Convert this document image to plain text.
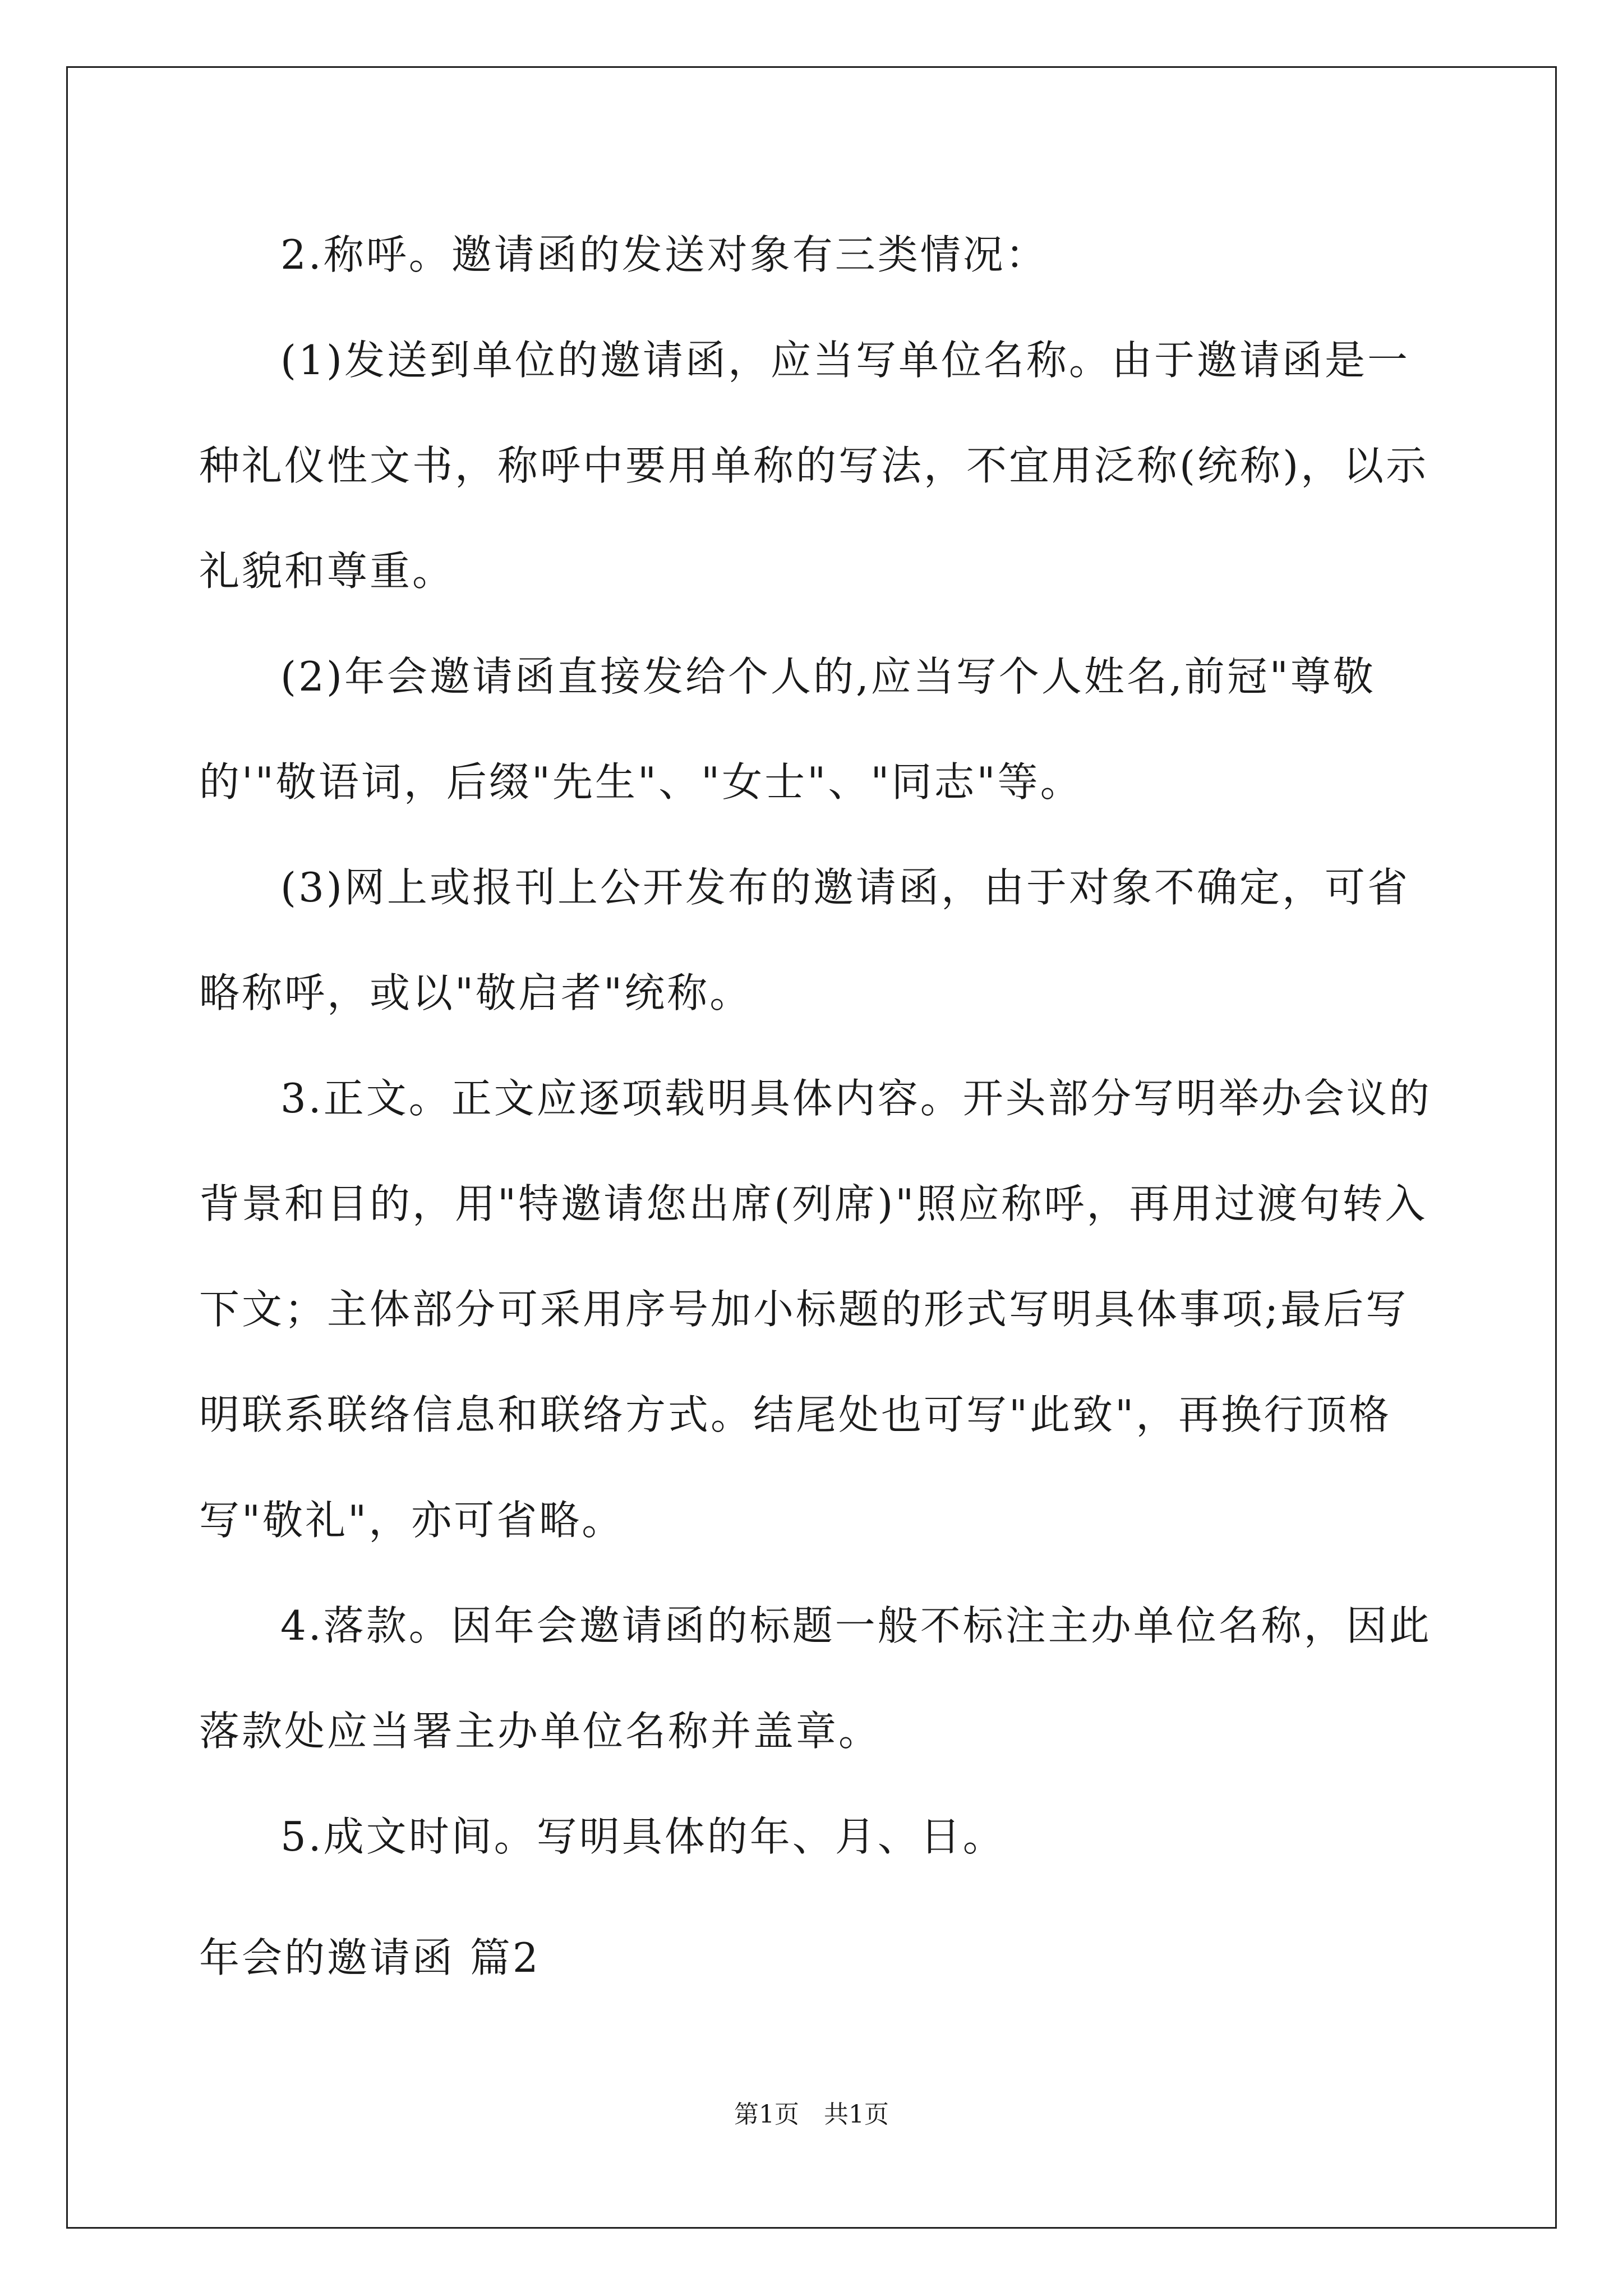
2.称呼。邀请函的发送对象有三类情况：

(1)发送到单位的邀请函，应当写单位名称。由于邀请函是一种礼仪性文书，称呼中要用单称的写法，不宜用泛称(统称)，以示礼貌和尊重。

(2)年会邀请函直接发给个人的,应当写个人姓名,前冠"尊敬的'"敬语词，后缀"先生"、"女士"、"同志"等。

(3)网上或报刊上公开发布的邀请函，由于对象不确定，可省略称呼，或以"敬启者"统称。

3.正文。正文应逐项载明具体内容。开头部分写明举办会议的背景和目的，用"特邀请您出席(列席)"照应称呼，再用过渡句转入下文；主体部分可采用序号加小标题的形式写明具体事项;最后写明联系联络信息和联络方式。结尾处也可写"此致"，再换行顶格写"敬礼"，亦可省略。

4.落款。因年会邀请函的标题一般不标注主办单位名称，因此落款处应当署主办单位名称并盖章。

5.成文时间。写明具体的年、月、日。

年会的邀请函 篇2
第1页　共1页
